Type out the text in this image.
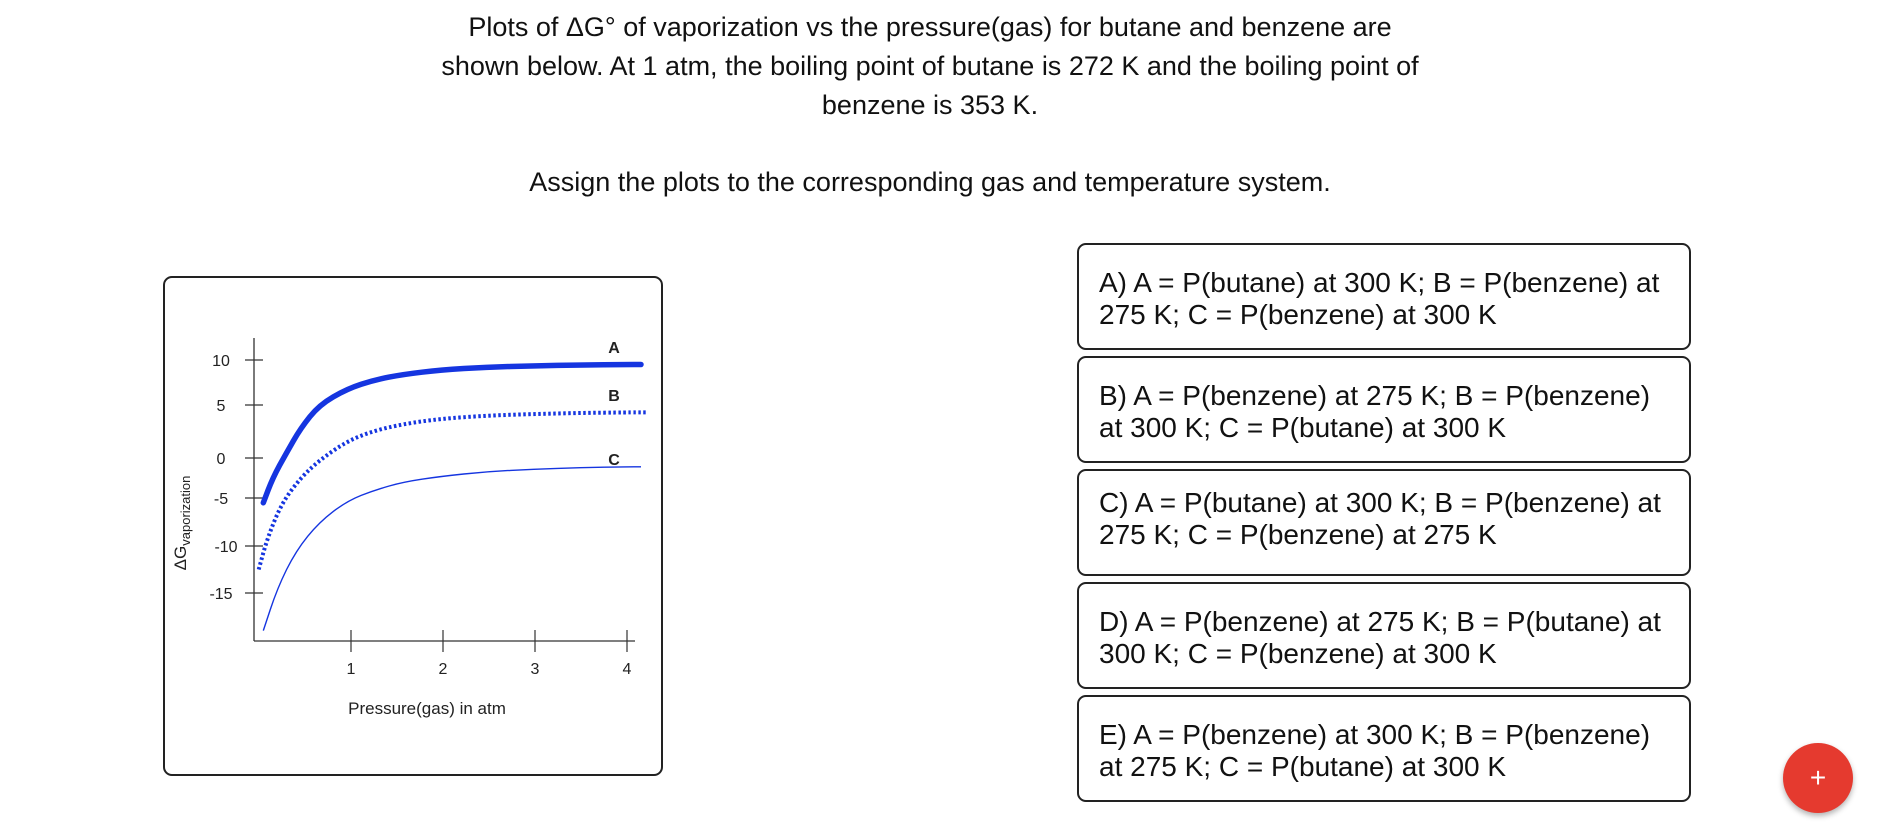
Plots of ΔG° of vaporization vs the pressure(gas) for butane and benzene are
shown below. At 1 atm, the boiling point of butane is 272 K and the boiling point of
benzene is 353 K.
Assign the plots to the corresponding gas and temperature system.
$\Delta G_{vaporization}$
10
5
0
-5
-10
-15
1	2	3	4
Pressure(gas) in atm
A
B
C
A) A = P(butane) at 300 K; B = P(benzene) at 275 K; C = P(benzene) at 300 K
B) A = P(benzene) at 275 K; B = P(benzene) at 300 K; C = P(butane) at 300 K
C) A = P(butane) at 300 K; B = P(benzene) at 275 K; C = P(benzene) at 275 K
D) A = P(benzene) at 275 K; B = P(butane) at 300 K; C = P(benzene) at 300 K
E) A = P(benzene) at 300 K; B = P(benzene) at 275 K; C = P(butane) at 300 K	+
